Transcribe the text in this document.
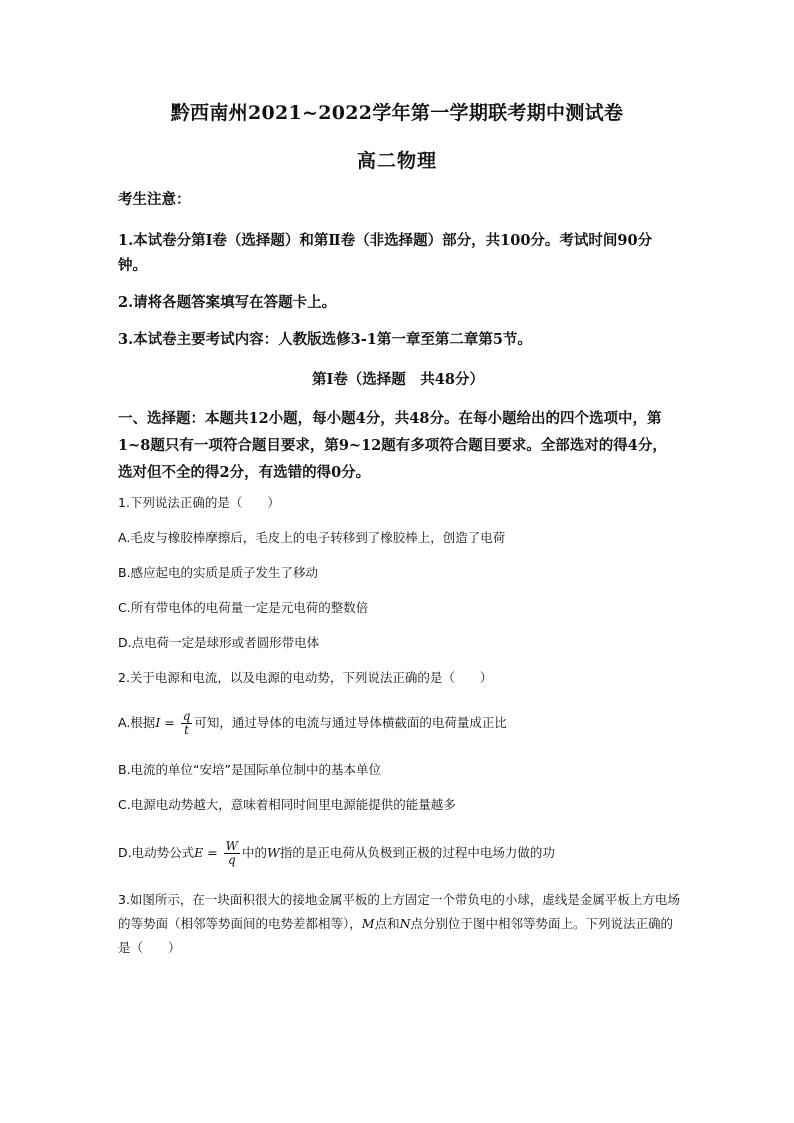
黔西南州2021~2022学年第一学期联考期中测试卷
高二物理
考生注意：
1.本试卷分第Ⅰ卷（选择题）和第Ⅱ卷（非选择题）部分，共100分。考试时间90分钟。
2.请将各题答案填写在答题卡上。
3.本试卷主要考试内容：人教版选修3-1第一章至第二章第5节。
第Ⅰ卷（选择题　共48分）
一、选择题：本题共12小题，每小题4分，共48分。在每小题给出的四个选项中，第1~8题只有一项符合题目要求，第9~12题有多项符合题目要求。全部选对的得4分，选对但不全的得2分，有选错的得0分。
1.下列说法正确的是（　　）
A.毛皮与橡胶棒摩擦后，毛皮上的电子转移到了橡胶棒上，创造了电荷
B.感应起电的实质是质子发生了移动
C.所有带电体的电荷量一定是元电荷的整数倍
D.点电荷一定是球形或者圆形带电体
2.关于电源和电流，以及电源的电动势，下列说法正确的是（　　）
A.根据$I = \frac{q}{t}$ 可知，通过导体的电流与通过导体横截面的电荷量成正比
B.电流的单位“安培”是国际单位制中的基本单位
C.电源电动势越大，意味着相同时间里电源能提供的能量越多
D.电动势公式$E = \frac{W}{q}$ 中的W指的是正电荷从负极到正极的过程中电场力做的功
3.如图所示，在一块面积很大的接地金属平板的上方固定一个带负电的小球，虚线是金属平板上方电场的等势面（相邻等势面间的电势差都相等），M点和N点分别位于图中相邻等势面上。下列说法正确的是（　　）
